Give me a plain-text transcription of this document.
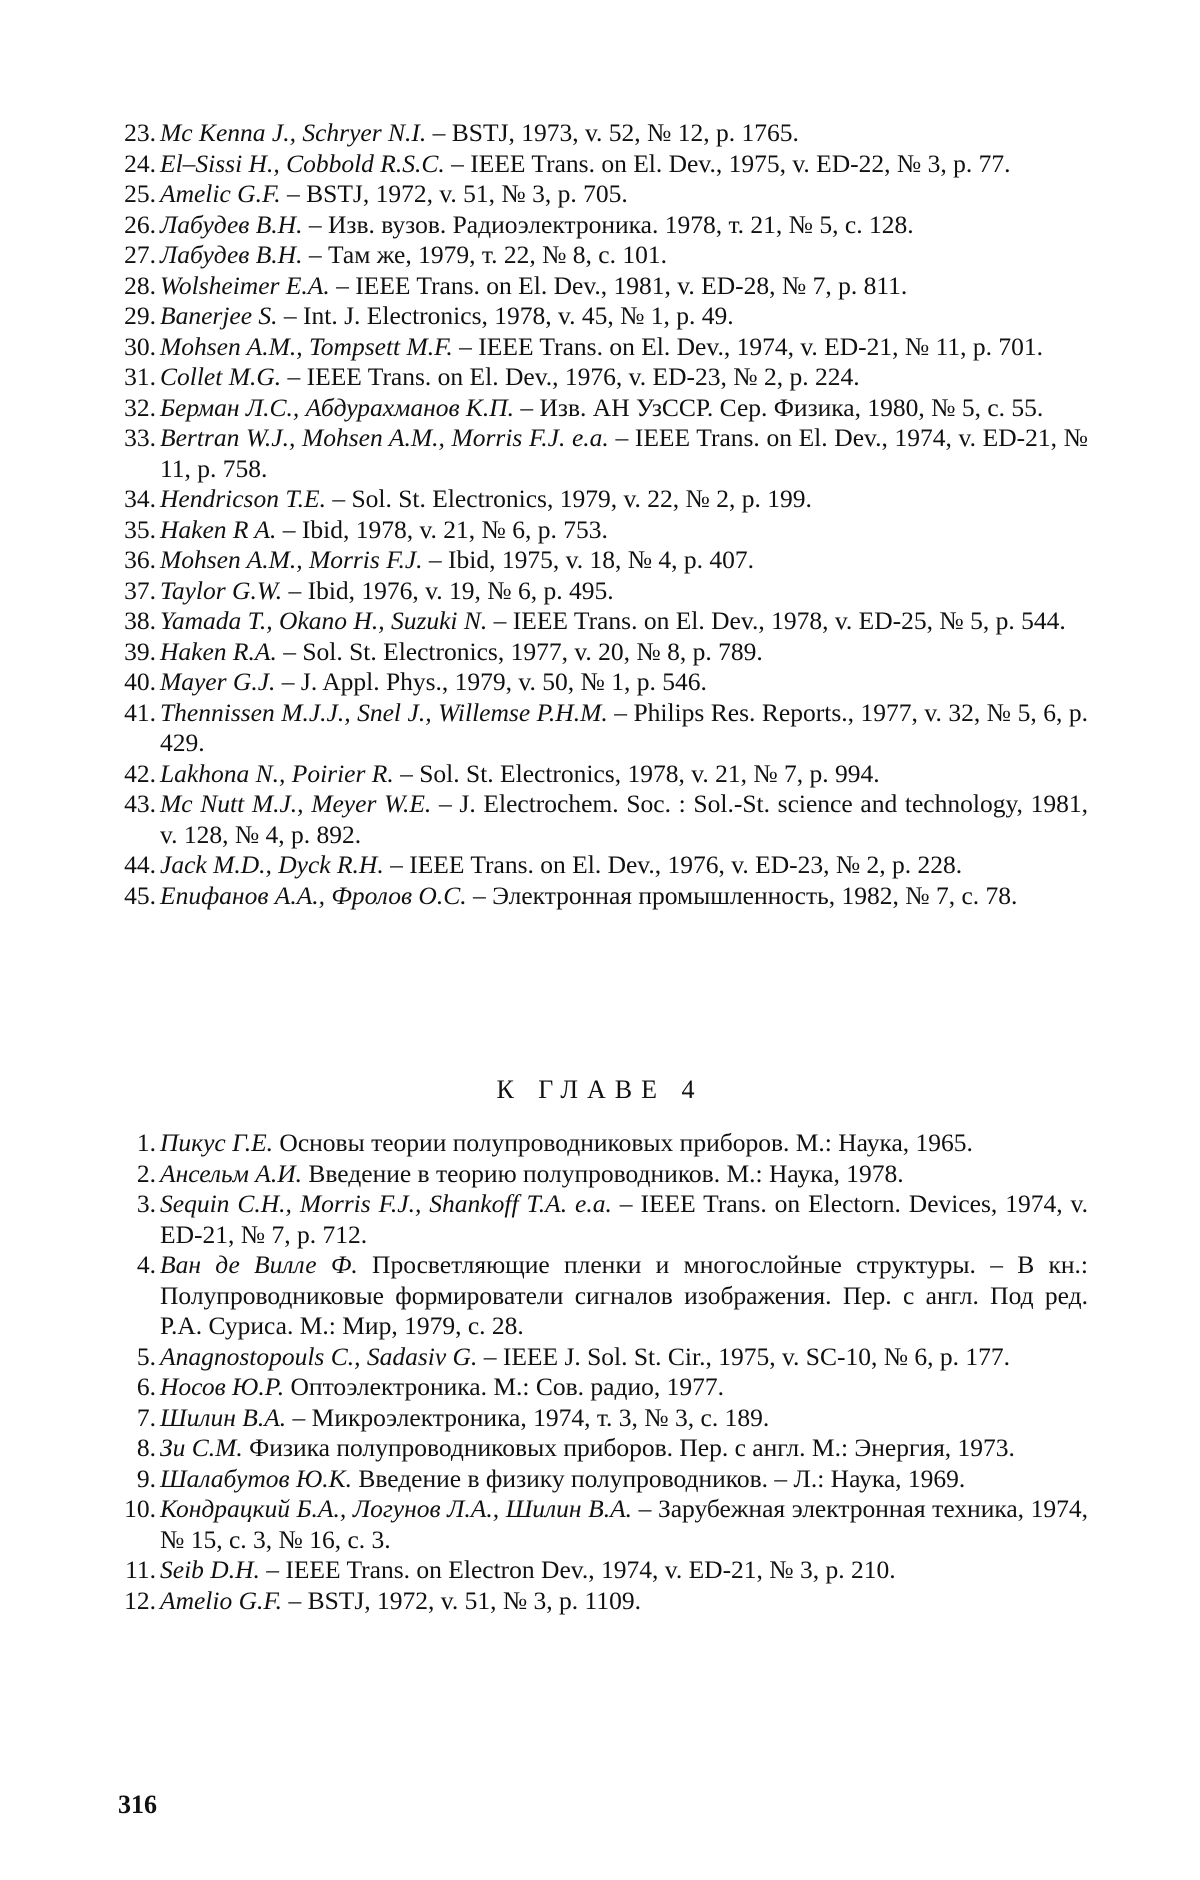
23. Mc Kenna J., Schryer N.I. – BSTJ, 1973, v. 52, № 12, p. 1765.
24. El–Sissi H., Cobbold R.S.C. – IEEE Trans. on El. Dev., 1975, v. ED-22, № 3, p. 77.
25. Amelic G.F. – BSTJ, 1972, v. 51, № 3, p. 705.
26. Лабудев В.Н. – Изв. вузов. Радиоэлектроника. 1978, т. 21, № 5, с. 128.
27. Лабудев В.Н. – Там же, 1979, т. 22, № 8, с. 101.
28. Wolsheimer E.A. – IEEE Trans. on El. Dev., 1981, v. ED-28, № 7, p. 811.
29. Banerjee S. – Int. J. Electronics, 1978, v. 45, № 1, p. 49.
30. Mohsen A.M., Tompsett M.F. – IEEE Trans. on El. Dev., 1974, v. ED-21, № 11, p. 701.
31. Collet M.G. – IEEE Trans. on El. Dev., 1976, v. ED-23, № 2, p. 224.
32. Берман Л.С., Абдурахманов К.П. – Изв. АН УзССР. Сер. Физика, 1980, № 5, с. 55.
33. Bertran W.J., Mohsen A.M., Morris F.J. e.a. – IEEE Trans. on El. Dev., 1974, v. ED-21, № 11, p. 758.
34. Hendricson T.E. – Sol. St. Electronics, 1979, v. 22, № 2, p. 199.
35. Haken R A. – Ibid, 1978, v. 21, № 6, p. 753.
36. Mohsen A.M., Morris F.J. – Ibid, 1975, v. 18, № 4, p. 407.
37. Taylor G.W. – Ibid, 1976, v. 19, № 6, p. 495.
38. Yamada T., Okano H., Suzuki N. – IEEE Trans. on El. Dev., 1978, v. ED-25, № 5, p. 544.
39. Haken R.A. – Sol. St. Electronics, 1977, v. 20, № 8, p. 789.
40. Mayer G.J. – J. Appl. Phys., 1979, v. 50, № 1, p. 546.
41. Thennissen M.J.J., Snel J., Willemse P.H.M. – Philips Res. Reports., 1977, v. 32, № 5, 6, p. 429.
42. Lakhona N., Poirier R. – Sol. St. Electronics, 1978, v. 21, № 7, p. 994.
43. Mc Nutt M.J., Meyer W.E. – J. Electrochem. Soc. : Sol.-St. science and technology, 1981, v. 128, № 4, p. 892.
44. Jack M.D., Dyck R.H. – IEEE Trans. on El. Dev., 1976, v. ED-23, № 2, p. 228.
45. Епифанов А.А., Фролов О.С. – Электронная промышленность, 1982, № 7, с. 78.
К ГЛАВЕ 4
1. Пикус Г.Е. Основы теории полупроводниковых приборов. М.: Наука, 1965.
2. Ансельм А.И. Введение в теорию полупроводников. М.: Наука, 1978.
3. Sequin C.H., Morris F.J., Shankoff T.A. e.a. – IEEE Trans. on Electorn. Devices, 1974, v. ED-21, № 7, p. 712.
4. Ван де Вилле Ф. Просветляющие пленки и многослойные структуры. – В кн.: Полупроводниковые формирователи сигналов изображения. Пер. с англ. Под ред. Р.А. Суриса. М.: Мир, 1979, с. 28.
5. Anagnostopouls C., Sadasiv G. – IEEE J. Sol. St. Cir., 1975, v. SC-10, № 6, p. 177.
6. Носов Ю.Р. Оптоэлектроника. М.: Сов. радио, 1977.
7. Шилин В.А. – Микроэлектроника, 1974, т. 3, № 3, с. 189.
8. Зи С.М. Физика полупроводниковых приборов. Пер. с англ. М.: Энергия, 1973.
9. Шалабутов Ю.К. Введение в физику полупроводников. – Л.: Наука, 1969.
10. Кондрацкий Б.А., Логунов Л.А., Шилин В.А. – Зарубежная электронная техника, 1974, № 15, с. 3, № 16, с. 3.
11. Seib D.H. – IEEE Trans. on Electron Dev., 1974, v. ED-21, № 3, p. 210.
12. Amelio G.F. – BSTJ, 1972, v. 51, № 3, p. 1109.
316
